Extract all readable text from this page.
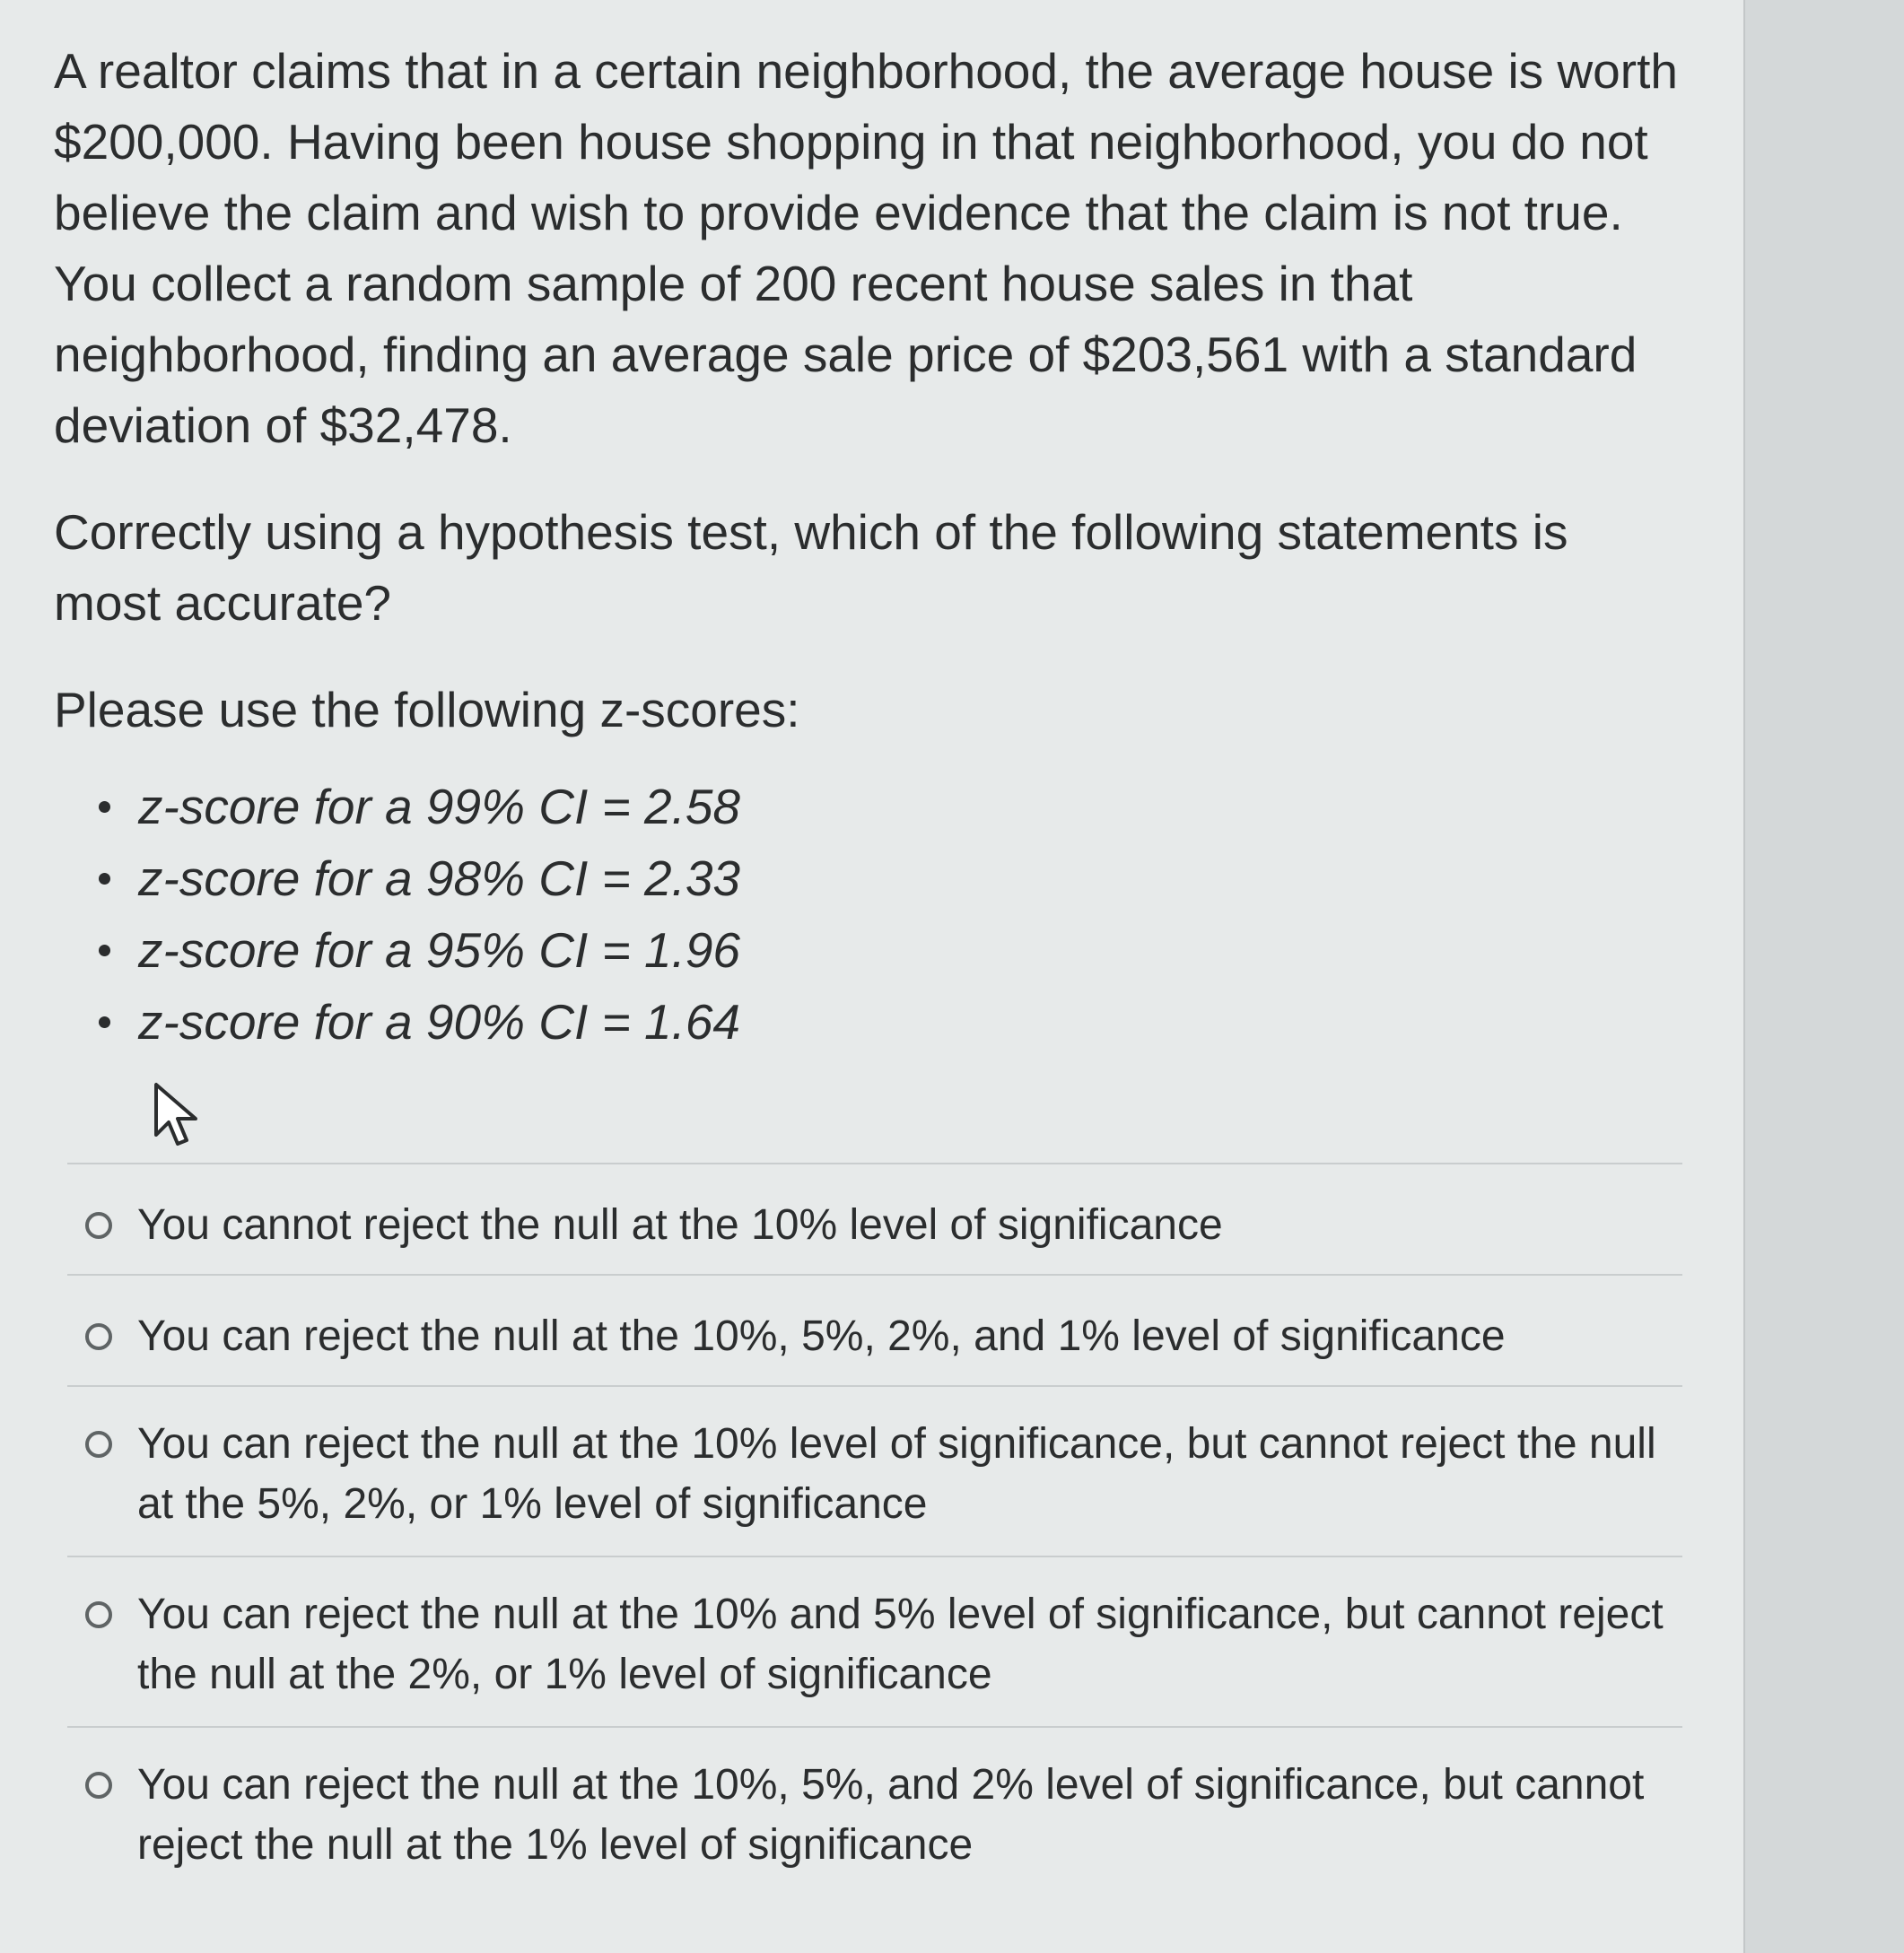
A realtor claims that in a certain neighborhood, the average house is worth $200,000. Having been house shopping in that neighborhood, you do not believe the claim and wish to provide evidence that the claim is not true. You collect a random sample of 200 recent house sales in that neighborhood, finding an average sale price of $203,561 with a standard deviation of $32,478.

Correctly using a hypothesis test, which of the following statements is most accurate?

Please use the following z-scores:

z-score for a 99% CI = 2.58
z-score for a 98% CI = 2.33
z-score for a 95% CI = 1.96
z-score for a 90% CI = 1.64
You cannot reject the null at the 10% level of significance
You can reject the null at the 10%, 5%, 2%, and 1% level of significance
You can reject the null at the 10% level of significance, but cannot reject the null at the 5%, 2%, or 1% level of significance
You can reject the null at the 10% and 5% level of significance, but cannot reject the null at the 2%, or 1% level of significance
You can reject the null at the 10%, 5%, and 2% level of significance, but cannot reject the null at the 1% level of significance
